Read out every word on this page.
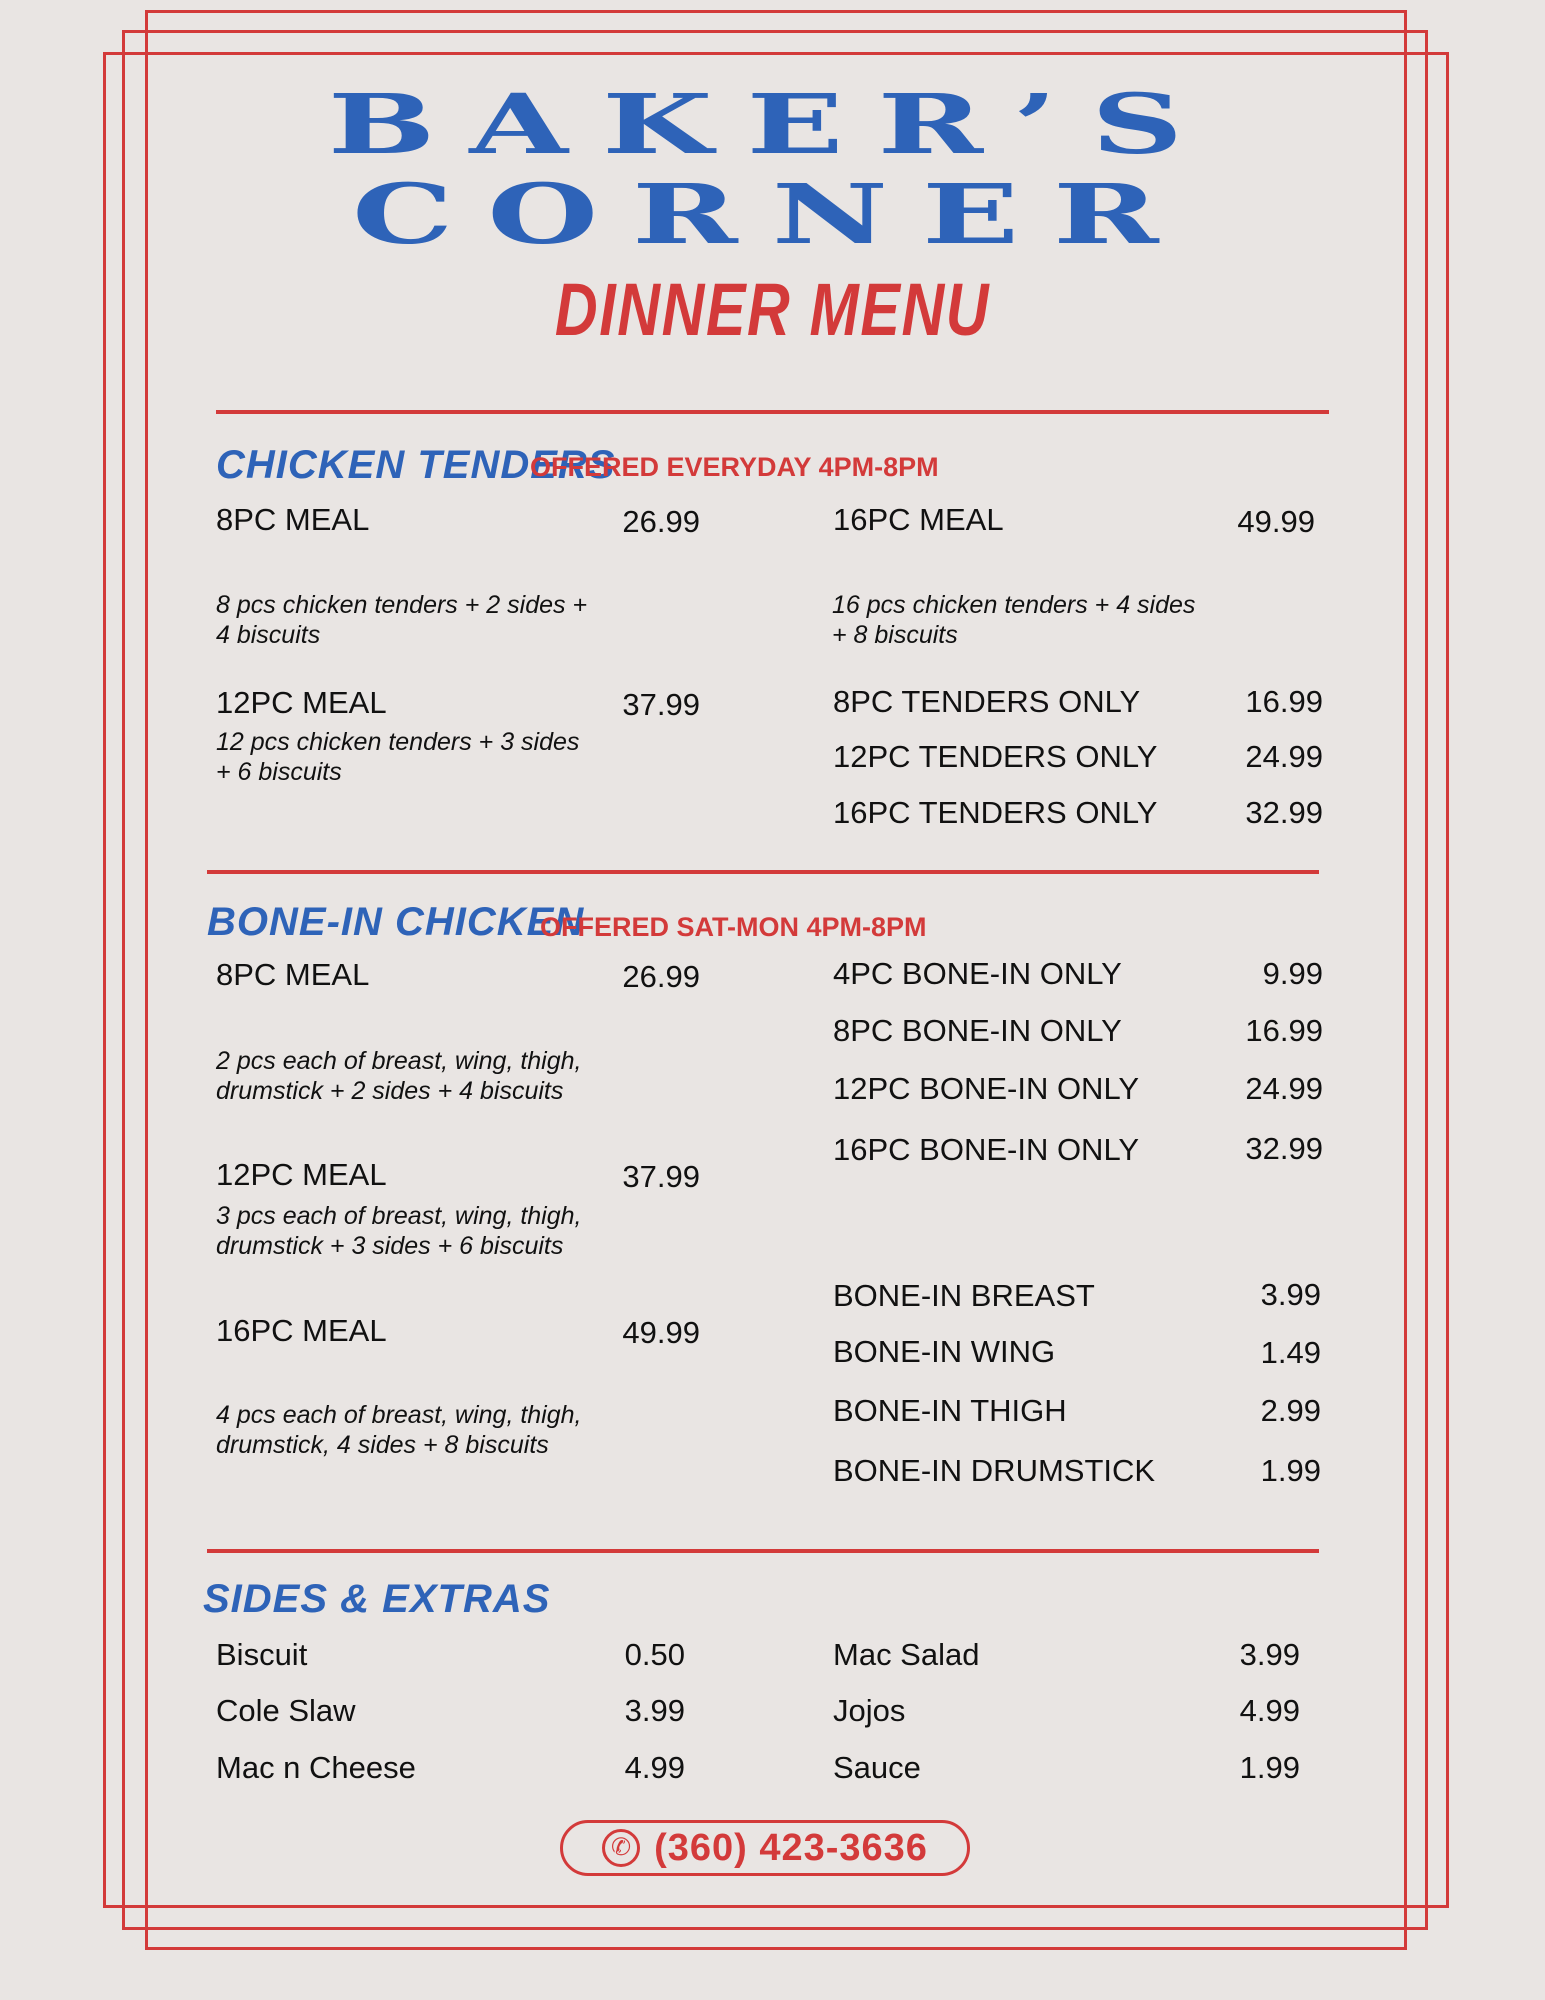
BAKER’S
CORNER
DINNER MENU
CHICKEN TENDERS
OFFERED EVERYDAY 4PM-8PM
8PC MEAL	26.99
8 pcs chicken tenders + 2 sides + 4 biscuits
12PC MEAL	37.99
12 pcs chicken tenders + 3 sides + 6 biscuits
16PC MEAL	49.99
16 pcs chicken tenders + 4 sides + 8 biscuits
8PC TENDERS ONLY	16.99
12PC TENDERS ONLY	24.99
16PC TENDERS ONLY	32.99
BONE-IN CHICKEN
OFFERED SAT-MON 4PM-8PM
8PC MEAL	26.99
2 pcs each of breast, wing, thigh, drumstick + 2 sides + 4 biscuits
12PC MEAL	37.99
3 pcs each of breast, wing, thigh, drumstick + 3 sides + 6 biscuits
16PC MEAL	49.99
4 pcs each of breast, wing, thigh, drumstick, 4 sides + 8 biscuits
4PC BONE-IN ONLY	9.99
8PC BONE-IN ONLY	16.99
12PC BONE-IN ONLY	24.99
16PC BONE-IN ONLY	32.99
BONE-IN BREAST	3.99
BONE-IN WING	1.49
BONE-IN THIGH	2.99
BONE-IN DRUMSTICK	1.99
SIDES & EXTRAS
Biscuit	0.50
Cole Slaw	3.99
Mac n Cheese	4.99
Mac Salad	3.99
Jojos	4.99
Sauce	1.99
✆ (360) 423-3636
